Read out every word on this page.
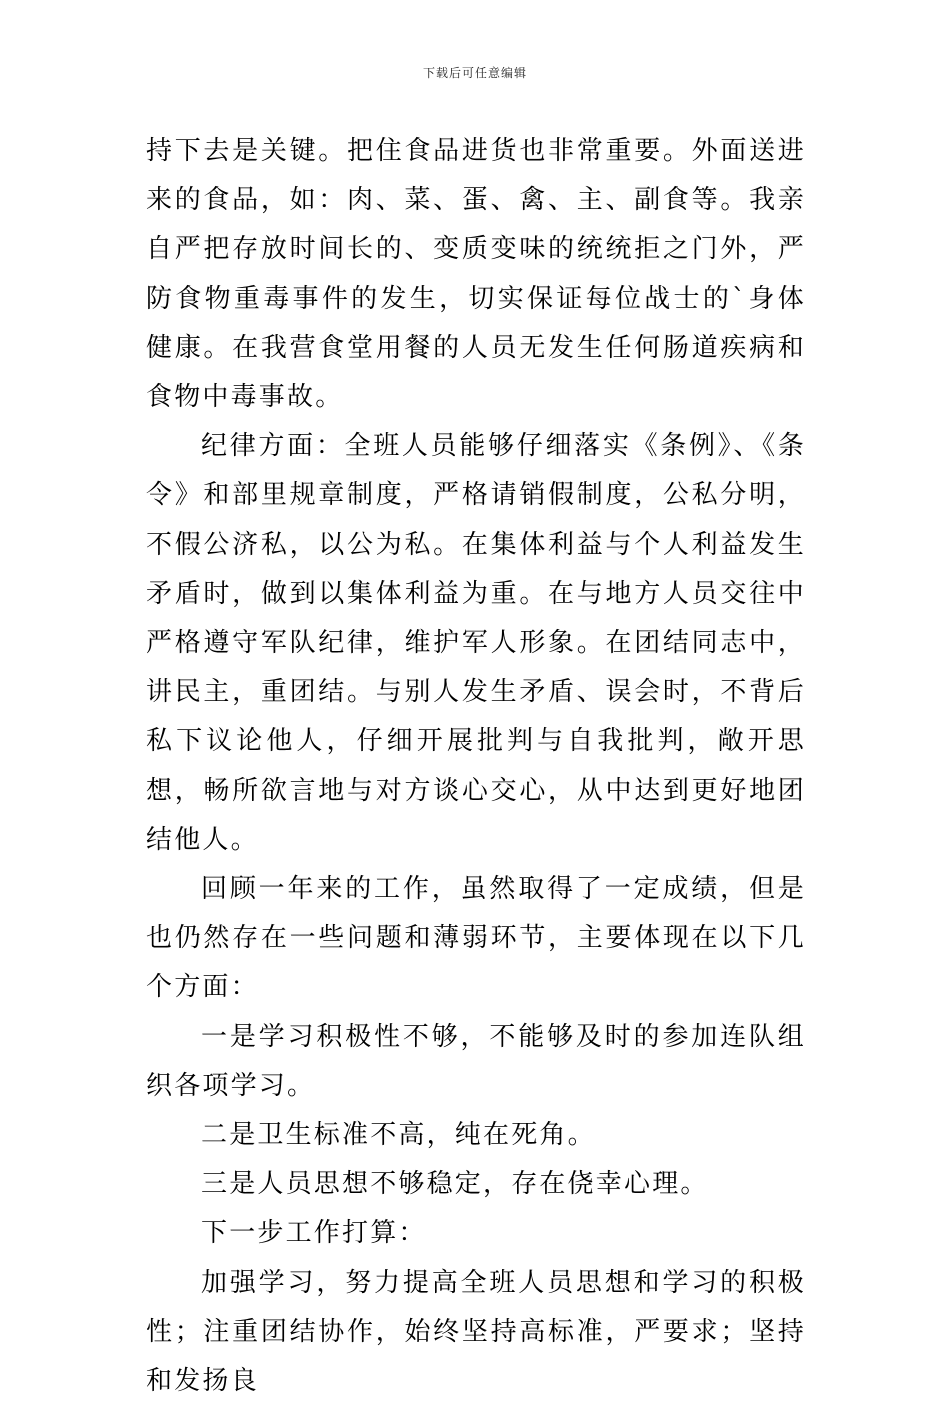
下载后可任意编辑

持下去是关键。把住食品进货也非常重要。外面送进来的食品，如：肉、菜、蛋、禽、主、副食等。我亲自严把存放时间长的、变质变味的统统拒之门外，严防食物重毒事件的发生，切实保证每位战士的`身体健康。在我营食堂用餐的人员无发生任何肠道疾病和食物中毒事故。

纪律方面：全班人员能够仔细落实《条例》、《条令》和部里规章制度，严格请销假制度，公私分明，不假公济私，以公为私。在集体利益与个人利益发生矛盾时，做到以集体利益为重。在与地方人员交往中严格遵守军队纪律，维护军人形象。在团结同志中，讲民主，重团结。与别人发生矛盾、误会时，不背后私下议论他人，仔细开展批判与自我批判，敞开思想，畅所欲言地与对方谈心交心，从中达到更好地团结他人。

回顾一年来的工作，虽然取得了一定成绩，但是也仍然存在一些问题和薄弱环节，主要体现在以下几个方面：

一是学习积极性不够，不能够及时的参加连队组织各项学习。

二是卫生标准不高，纯在死角。

三是人员思想不够稳定，存在侥幸心理。

下一步工作打算：

加强学习，努力提高全班人员思想和学习的积极性；注重团结协作，始终坚持高标准，严要求；坚持和发扬良
